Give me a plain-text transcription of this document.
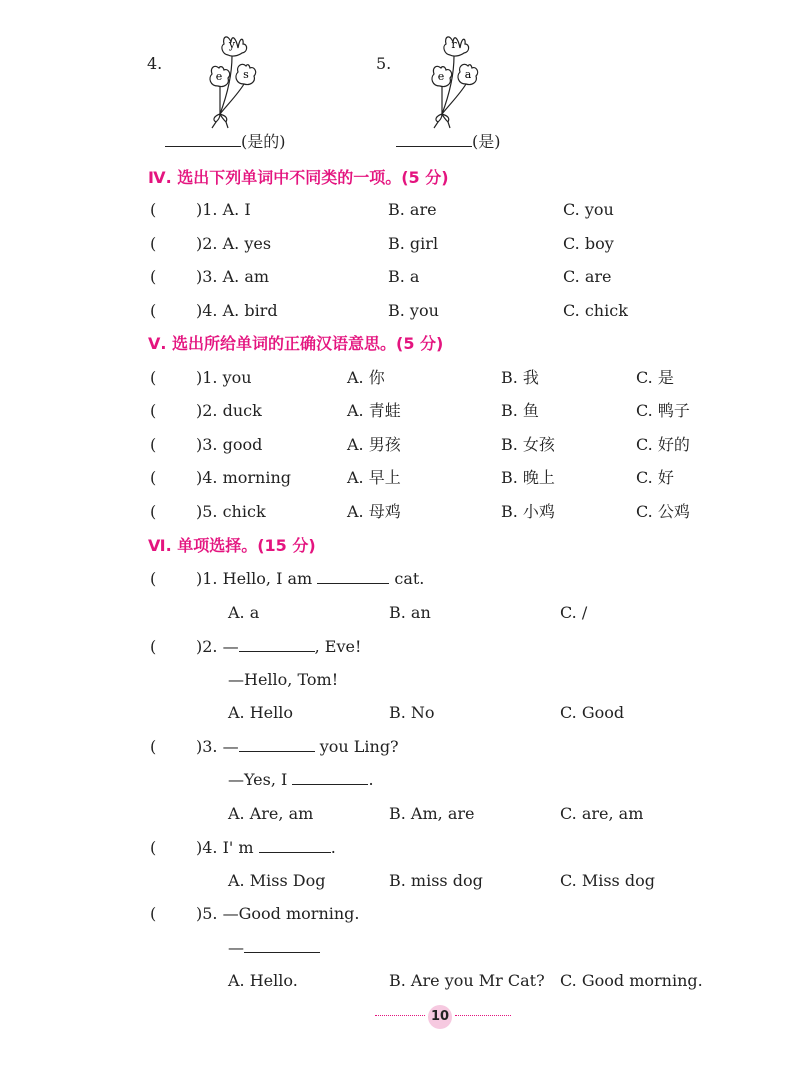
4.
y
e s
(是的)
5.
r
e a
(是)
Ⅳ. 选出下列单词中不同类的一项。(5 分)
( )1. A. I	B. are	C. you
( )2. A. yes	B. girl	C. boy
( )3. A. am	B. a	C. are
( )4. A. bird	B. you	C. chick
Ⅴ. 选出所给单词的正确汉语意思。(5 分)
( )1. you	A. 你	B. 我	C. 是
( )2. duck	A. 青蛙	B. 鱼	C. 鸭子
( )3. good	A. 男孩	B. 女孩	C. 好的
( )4. morning	A. 早上	B. 晚上	C. 好
( )5. chick	A. 母鸡	B. 小鸡	C. 公鸡
Ⅵ. 单项选择。(15 分)
( )1. Hello, I am	cat.
A. a	B. an	C. /
( )2. —	, Eve!
—Hello, Tom!
A. Hello	B. No	C. Good
( )3. —	you Ling?
—Yes, I	.
A. Are, am	B. Am, are	C. are, am
( )4. I' m	.
A. Miss Dog	B. miss dog	C. Miss dog
( )5. —Good morning.
—
A. Hello.	B. Are you Mr Cat? C. Good morning.
10
